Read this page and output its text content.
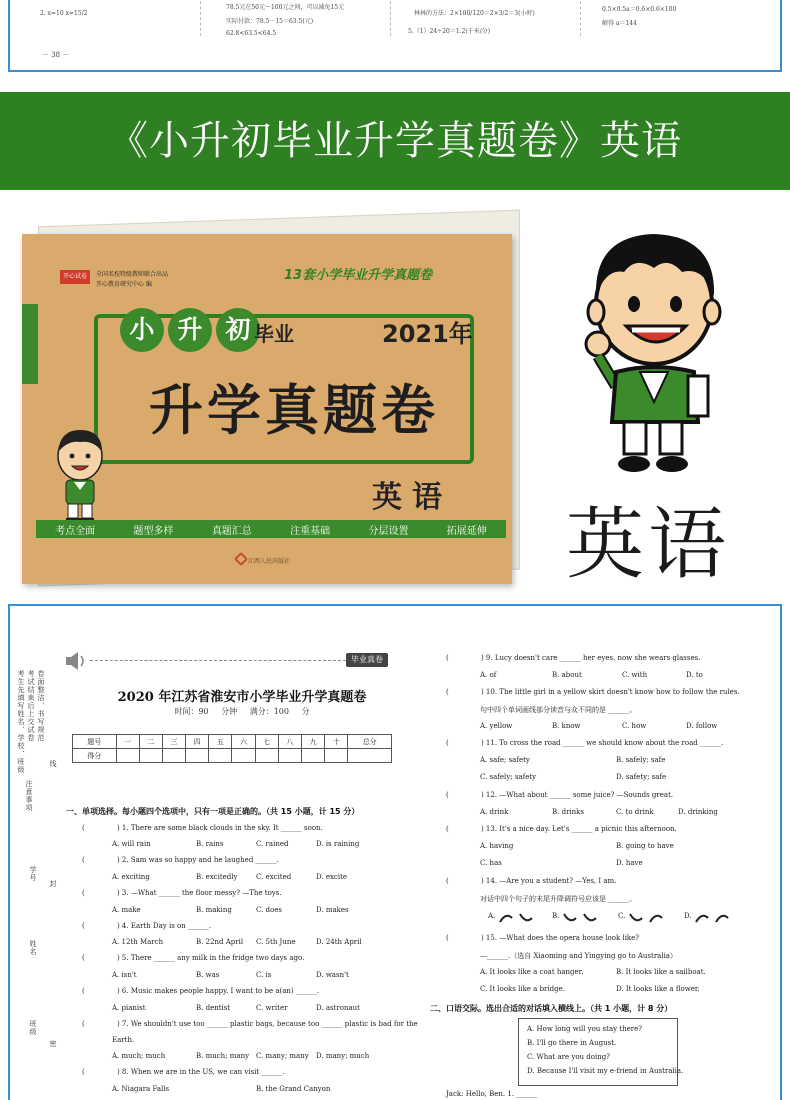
2. x=10 x=15/2
78.5元在50元～100元之间，可以减免15元
实际付款：78.5－15＝63.5(元)
62.8<63.5<64.5
林林的方法：2×180/120＝2×3/2＝3(小时)
5.（1）24÷20＝1.2(千米/分)
0.5×0.5a＝0.6×0.6×100
解得 a＝144
－ 38 －
《小升初毕业升学真题卷》英语
开心试卷	全国名校特级教师联合出品
开心教育研究中心 编
13套小学毕业升学真题卷
小 升 初 毕业	2021年
升学真题卷
英语
考点全面	题型多样	真题汇总	注重基础	分层设置	拓展延伸
江西人民出版社	英语
考生先填写姓名、学校、班级 考试结束后上交试卷 卷面整洁，书写规范
注意事项
学号
姓名
班级
线
封
密
毕业真卷
2020 年江苏省淮安市小学毕业升学真题卷
时间：90 分钟 满分：100 分
题号	一	二	三	四	五	六	七	八	九	十	总分
得分											
一、单项选择。每小题四个选项中，只有一项是正确的。（共 15 小题，计 15 分）
(	) 1. There are some black clouds in the sky. It ______ soon.
A. will rain	B. rains	C. rained	D. is raining
(	) 2. Sam was so happy and he laughed ______.
A. exciting	B. excitedly	C. excited	D. excite
(	) 3. —What ______ the floor messy? —The toys.
A. make	B. making	C. does	D. makes
(	) 4. Earth Day is on ______.
A. 12th March	B. 22nd April C. 5th June	D. 24th April
(	) 5. There ______ any milk in the fridge two days ago.
A. isn't	B. was	C. is	D. wasn't
(	) 6. Music makes people happy. I want to be a(an) ______.
A. pianist	B. dentist	C. writer	D. astronaut
(	) 7. We shouldn't use too ______ plastic bags, because too ______ plastic is bad for the
Earth.
A. much; much	B. much; many C. many; many D. many; much
(	) 8. When we are in the US, we can visit ______.
A. Niagara Falls	B. the Grand Canyon
(	) 9. Lucy doesn't care ______ her eyes, now she wears glasses.
A. of	B. about	C. with	D. to
(	) 10. The little girl in a yellow skirt doesn't know how to follow the rules.
句中四个单词画线部分读音与众不同的是 ______。
A. yellow	B. know	C. how	D. follow
(	) 11. To cross the road ______ we should know about the road ______.
A. safe; safety	B. safely; safe
C. safely; safety	D. safety; safe
(	) 12. —What about ______ some juice? —Sounds great.
A. drink	B. drinks	C. to drink	D. drinking
(	) 13. It's a nice day. Let's ______ a picnic this afternoon.
A. having	B. going to have
C. has	D. have
(	) 14. —Are you a student? —Yes, I am.
对话中四个句子的末尾升降调符号应该是 ______。
A.	B.	C.	D.
(	) 15. —What does the opera house look like?
—______.（选自 Xiaoming and Yingying go to Australia）
A. It looks like a coat hanger.	B. It looks like a sailboat.
C. It looks like a bridge.	D. It looks like a flower.
二、口语交际。选出合适的对话填入横线上。（共 1 小题，计 8 分）
A. How long will you stay there?
B. I'll go there in August.
C. What are you doing?
D. Because I'll visit my e-friend in Australia.
Jack: Hello, Ben. 1. ______
